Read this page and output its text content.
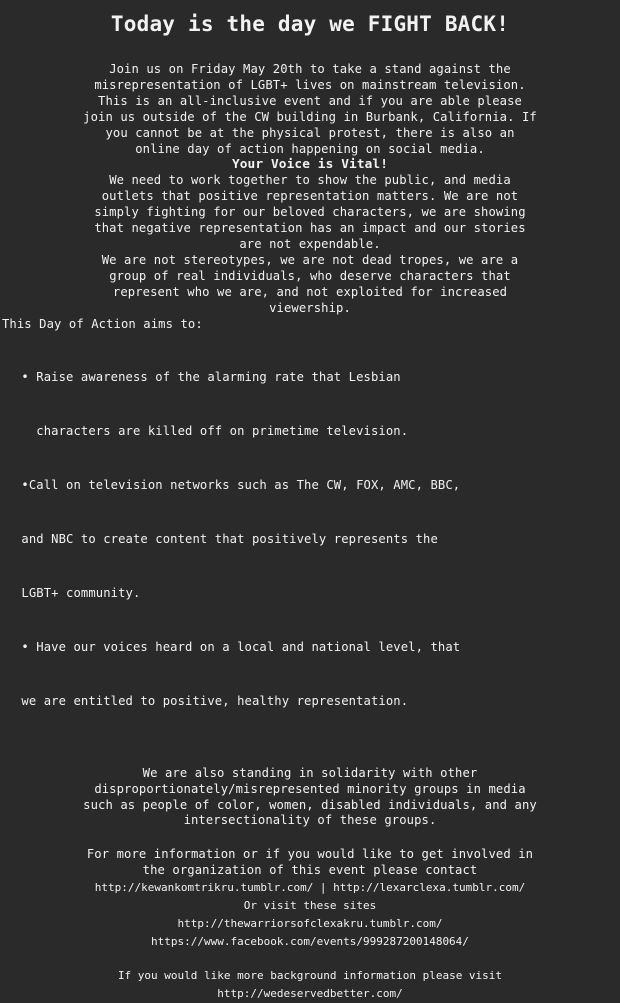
Today is the day we FIGHT BACK!
Join us on Friday May 20th to take a stand against the
misrepresentation of LGBT+ lives on mainstream television.
This is an all-inclusive event and if you are able please
join us outside of the CW building in Burbank, California. If
you cannot be at the physical protest, there is also an
online day of action happening on social media.
Your Voice is Vital!
We need to work together to show the public, and media
outlets that positive representation matters. We are not
simply fighting for our beloved characters, we are showing
that negative representation has an impact and our stories
are not expendable.
We are not stereotypes, we are not dead tropes, we are a
group of real individuals, who deserve characters that
represent who we are, and not exploited for increased
viewership.
This Day of Action aims to:

• Raise awareness of the alarming rate that Lesbian

characters are killed off on primetime television.

•Call on television networks such as The CW, FOX, AMC, BBC,

and NBC to create content that positively represents the

LGBT+ community.

• Have our voices heard on a local and national level, that

we are entitled to positive, healthy representation.

We are also standing in solidarity with other
disproportionately/misrepresented minority groups in media
such as people of color, women, disabled individuals, and any
intersectionality of these groups.
For more information or if you would like to get involved in
the organization of this event please contact
http://kewankomtrikru.tumblr.com/ | http://lexarclexa.tumblr.com/
Or visit these sites
http://thewarriorsofclexakru.tumblr.com/
https://www.facebook.com/events/999287200148064/
If you would like more background information please visit
http://wedeservedbetter.com/
